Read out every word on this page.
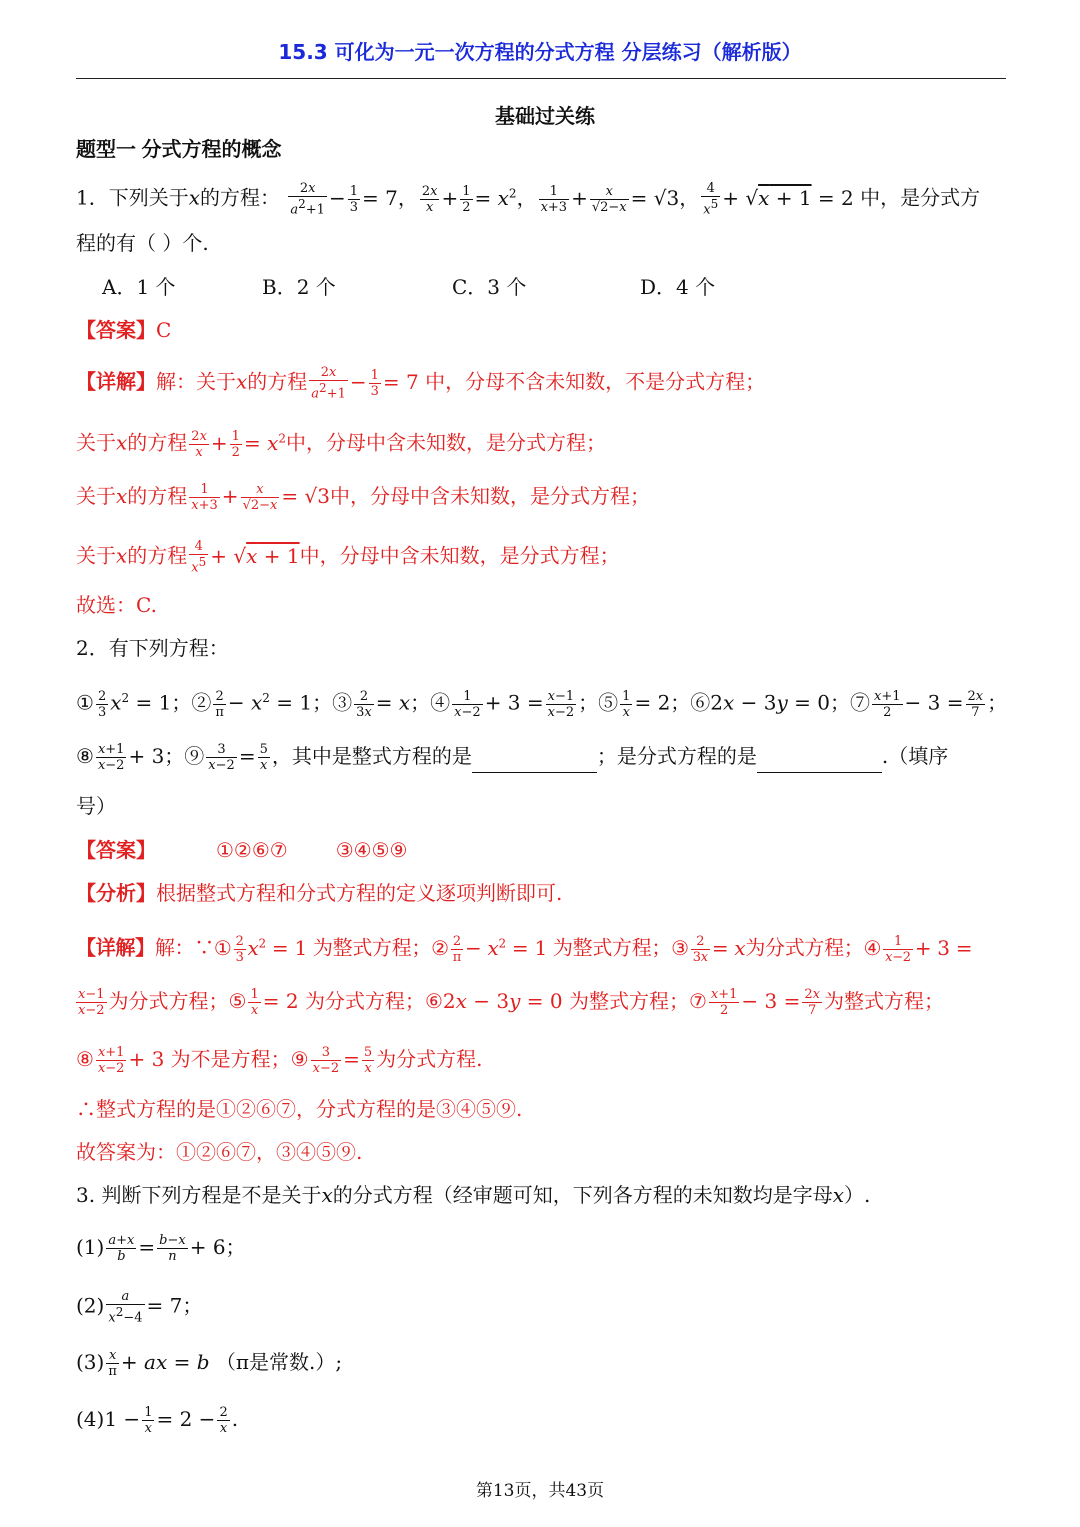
15.3 可化为一元一次方程的分式方程 分层练习（解析版）
基础过关练
题型一 分式方程的概念
1．下列关于x的方程： $\frac{2x}{a^2+1} - \frac{1}{3} = 7$， $\frac{2x}{x} + \frac{1}{2} = x^2$， $\frac{1}{x+3} + \frac{x}{√2-x} = √3$， $\frac{4}{x^5} + √x + 1 = 2$ 中，是分式方
程的有（ ）个.
A．1 个	B．2 个	C．3 个	D．4 个
【答案】C
【详解】解：关于x的方程 $\frac{2x}{a^2+1} - \frac{1}{3} = 7$ 中，分母不含未知数，不是分式方程；
关于x的方程 $\frac{2x}{x} + \frac{1}{2} = x^2$中，分母中含未知数，是分式方程；
关于x的方程 $\frac{1}{x+3} + \frac{x}{√2-x} = √3$中，分母中含未知数，是分式方程；
关于x的方程 $\frac{4}{x^5} + √x + 1$中，分母中含未知数，是分式方程；
故选：C.
2．有下列方程：
① $\frac{2}{3} x^2 = 1$；② $\frac{2}{\pi} - x^2 = 1$；③ $\frac{2}{3x} = x$；④ $\frac{1}{x-2} + 3 = \frac{x-1}{x-2}$ ；⑤ $\frac{1}{x} = 2$；⑥2x − 3y = 0；⑦ $\frac{x+1}{2} - 3 = \frac{2x}{7}$ ；
⑧ $\frac{x+1}{x-2} + 3$；⑨ $\frac{3}{x-2} = \frac{5}{x}$ ，其中是整式方程的是	；是分式方程的是	.（填序
号）
【答案】	①②⑥⑦ ③④⑤⑨
【分析】根据整式方程和分式方程的定义逐项判断即可.
【详解】解：∵① $\frac{2}{3} x^2 = 1$ 为整式方程；② $\frac{2}{\pi} - x^2 = 1$ 为整式方程；③ $\frac{2}{3x} = x$为分式方程；④ $\frac{1}{x-2} + 3$ =
$\frac{x-1}{x-2}$ 为分式方程；⑤ $\frac{1}{x} = 2$ 为分式方程；⑥2x − 3y = 0 为整式方程；⑦ $\frac{x+1}{2} - 3 = \frac{2x}{7}$ 为整式方程；
⑧ $\frac{x+1}{x-2} + 3$ 为不是方程；⑨ $\frac{3}{x-2} = \frac{5}{x}$ 为分式方程.
∴整式方程的是①②⑥⑦，分式方程的是③④⑤⑨.
故答案为：①②⑥⑦，③④⑤⑨.
3. 判断下列方程是不是关于x的分式方程（经审题可知，下列各方程的未知数均是字母x）.
$(1) \frac{a+x}{b} = \frac{b-x}{n} + 6$；
$(2) \frac{a}{x^2-4} = 7$；
$(3) \frac{x}{\pi}$ + ax = b （π是常数.）;
$(4)1 - \frac{1}{x} = 2 - \frac{2}{x}$ .
第13页，共43页
